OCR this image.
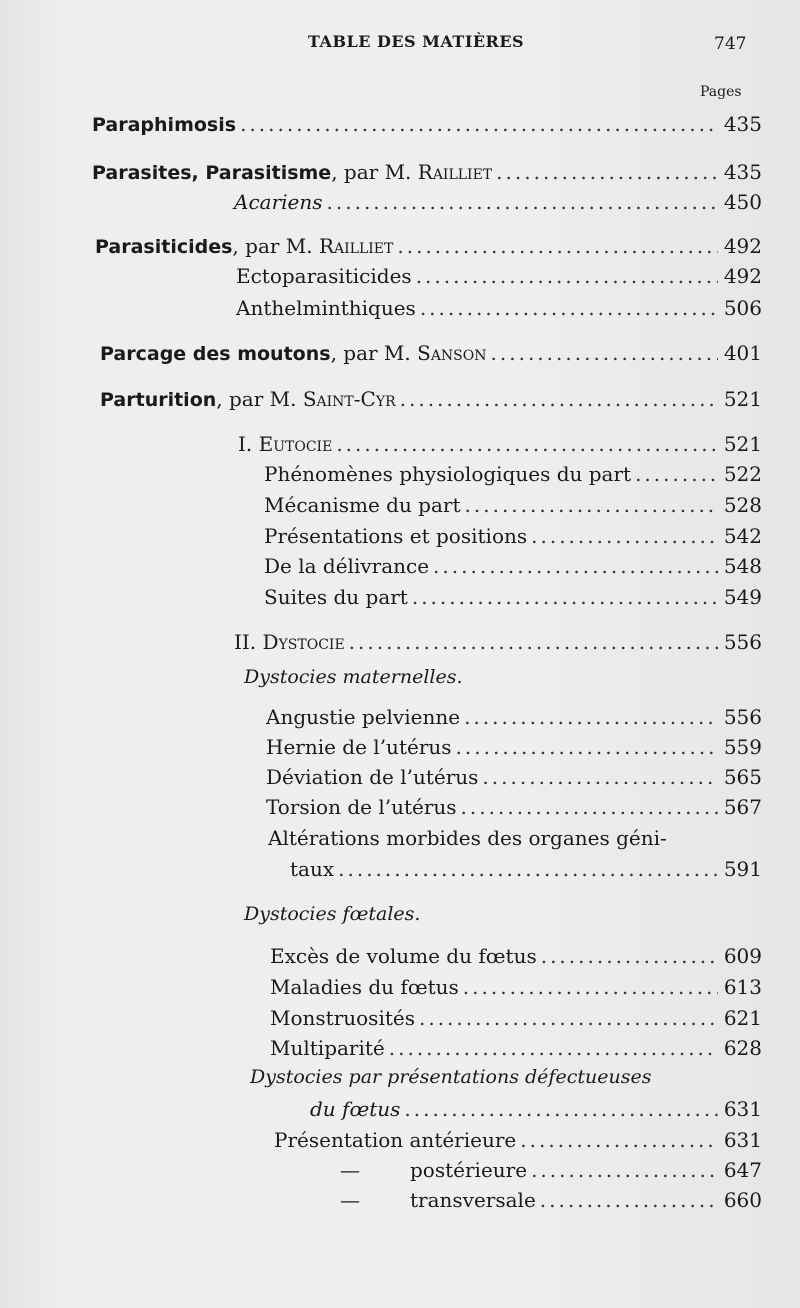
TABLE DES MATIÈRES	747
Pages
Paraphimosis .....	435
Parasites, Parasitisme, par M. Railliet .....	435
Acariens .....	450
Parasiticides, par M. Railliet .....	492
Ectoparasiticides .....	492
Anthelminthiques .....	506
Parcage des moutons, par M. Sanson .....	401
Parturition, par M. Saint-Cyr .....	521
I. Eutocie .....	521
Phénomènes physiologiques du part .....	522
Mécanisme du part .....	528
Présentations et positions .....	542
De la délivrance .....	548
Suites du part .....	549
II. Dystocie .....	556
Dystocies maternelles.
Angustie pelvienne .....	556
Hernie de l’utérus .....	559
Déviation de l’utérus .....	565
Torsion de l’utérus .....	567
Altérations morbides des organes géni-
taux .....	591
Dystocies fœtales.
Excès de volume du fœtus .....	609
Maladies du fœtus .....	613
Monstruosités .....	621
Multiparité .....	628
Dystocies par présentations défectueuses
du fœtus .....	631
Présentation antérieure .....	631
—	postérieure .....	647
—	transversale .....	660
